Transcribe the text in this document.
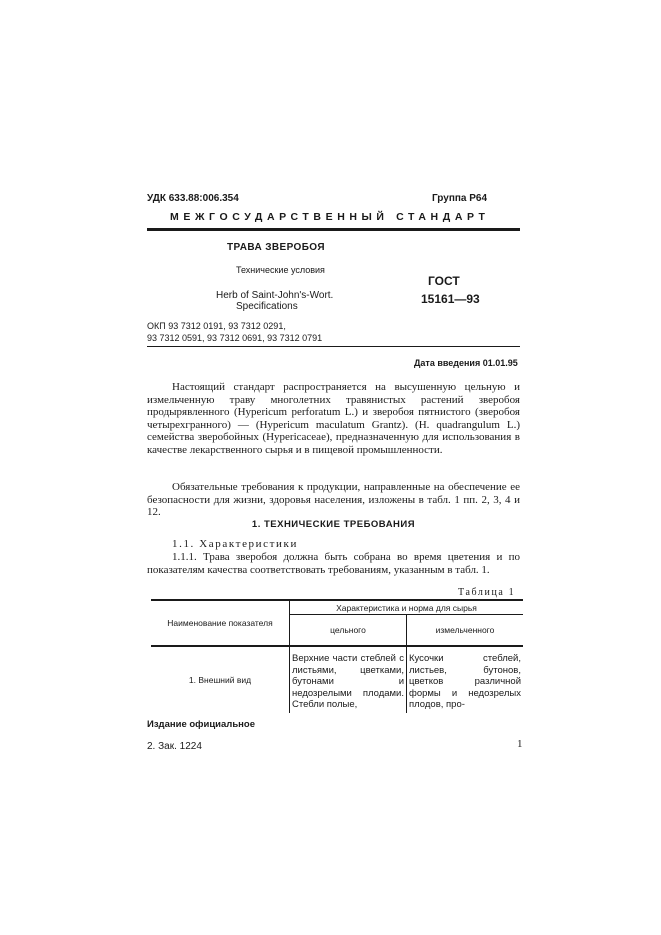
УДК 633.88:006.354	Группа Р64
МЕЖГОСУДАРСТВЕННЫЙ СТАНДАРТ
ТРАВА ЗВЕРОБОЯ
Технические условия
Herb of Saint-John's-Wort.
Specifications
ГОСТ
15161—93
ОКП 93 7312 0191, 93 7312 0291,
93 7312 0591, 93 7312 0691, 93 7312 0791
Дата введения 01.01.95

Настоящий стандарт распространяется на высушенную цельную и измельченную траву многолетних травянистых растений зверобоя продырявленного (Hypericum perforatum L.) и зверобоя пятнистого (зверобоя четырехгранного) — (Hypericum maculatum Grantz). (H. quadrangulum L.) семейства зверобойных (Hypericaceae), предназначенную для использования в качестве лекарственного сырья и в пищевой промышленности.

Обязательные требования к продукции, направленные на обеспечение ее безопасности для жизни, здоровья населения, изложены в табл. 1 пп. 2, 3, 4 и 12.

1. ТЕХНИЧЕСКИЕ ТРЕБОВАНИЯ
1.1. Характеристики

1.1.1. Трава зверобоя должна быть собрана во время цветения и по показателям качества соответствовать требованиям, указанным в табл. 1.

Таблица 1
Наименование показателя	Характеристика и норма для сырья	
	цельного	измельченного
1. Внешний вид	Верхние части стеблей с листьями, цветками, бутонами и недозрелыми плодами. Стебли полые,	Кусочки стеблей, листьев, бутонов, цветков различной формы и недозрелых плодов, про-
Издание официальное
2. Зак. 1224	1
